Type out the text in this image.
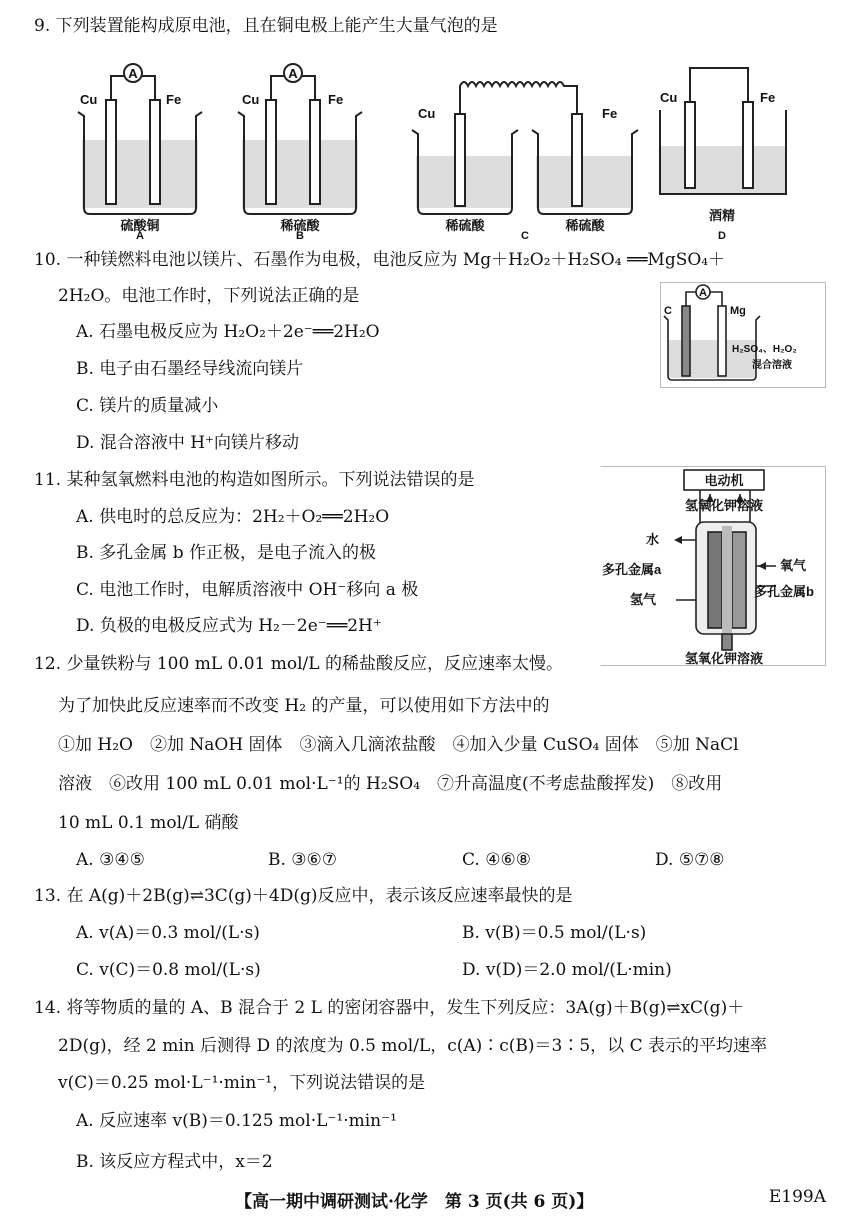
9. 下列装置能构成原电池，且在铜电极上能产生大量气泡的是
A
Cu	Fe
硫酸铜
A
A
Cu	Fe
稀硫酸
B
Cu	Fe
稀硫酸	稀硫酸
C
Cu	Fe
酒精
D
10. 一种镁燃料电池以镁片、石墨作为电极，电池反应为 Mg＋H₂O₂＋H₂SO₄ ══MgSO₄＋
2H₂O。电池工作时，下列说法正确的是
A. 石墨电极反应为 H₂O₂＋2e⁻══2H₂O
B. 电子由石墨经导线流向镁片
C. 镁片的质量减小
D. 混合溶液中 H⁺向镁片移动
A
C	Mg
H₂SO₄、H₂O₂
混合溶液
11. 某种氢氧燃料电池的构造如图所示。下列说法错误的是
A. 供电时的总反应为：2H₂＋O₂══2H₂O
B. 多孔金属 b 作正极，是电子流入的极
C. 电池工作时，电解质溶液中 OH⁻移向 a 极
D. 负极的电极反应式为 H₂－2e⁻══2H⁺
电动机
氢氧化钾溶液
水
氧气
多孔金属a
多孔金属b
氢气
氢氧化钾溶液
12. 少量铁粉与 100 mL 0.01 mol/L 的稀盐酸反应，反应速率太慢。
为了加快此反应速率而不改变 H₂ 的产量，可以使用如下方法中的
①加 H₂O　②加 NaOH 固体　③滴入几滴浓盐酸　④加入少量 CuSO₄ 固体　⑤加 NaCl
溶液　⑥改用 100 mL 0.01 mol·L⁻¹的 H₂SO₄　⑦升高温度(不考虑盐酸挥发)　⑧改用
10 mL 0.1 mol/L 硝酸
A. ③④⑤	B. ③⑥⑦	C. ④⑥⑧	D. ⑤⑦⑧
13. 在 A(g)＋2B(g)⇌3C(g)＋4D(g)反应中，表示该反应速率最快的是
A. v(A)＝0.3 mol/(L·s)	B. v(B)＝0.5 mol/(L·s)
C. v(C)＝0.8 mol/(L·s)	D. v(D)＝2.0 mol/(L·min)
14. 将等物质的量的 A、B 混合于 2 L 的密闭容器中，发生下列反应：3A(g)＋B(g)⇌xC(g)＋
2D(g)，经 2 min 后测得 D 的浓度为 0.5 mol/L，c(A)∶c(B)＝3∶5，以 C 表示的平均速率
v(C)＝0.25 mol·L⁻¹·min⁻¹，下列说法错误的是
A. 反应速率 v(B)＝0.125 mol·L⁻¹·min⁻¹
B. 该反应方程式中，x＝2
【高一期中调研测试·化学　第 3 页(共 6 页)】	E199A
